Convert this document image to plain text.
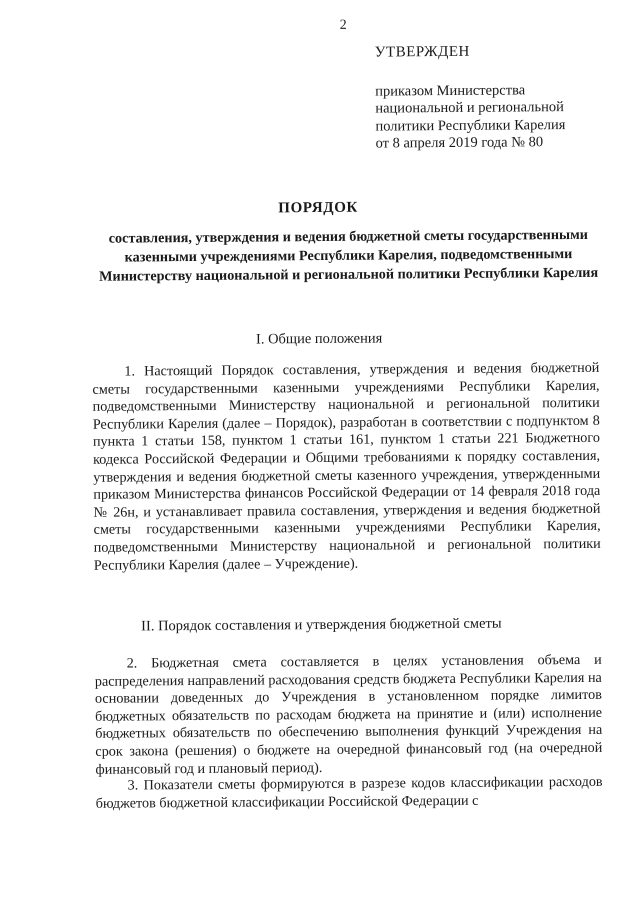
2
УТВЕРЖДЕН
приказом Министерства
национальной и региональной
политики Республики Карелия
от 8 апреля 2019 года № 80
ПОРЯДОК
составления, утверждения и ведения бюджетной сметы государственными казенными учреждениями Республики Карелия, подведомственными Министерству национальной и региональной политики Республики Карелия
I. Общие положения

1. Настоящий Порядок составления, утверждения и ведения бюджетной сметы государственными казенными учреждениями Республики Карелия, подведомственными Министерству национальной и региональной политики Республики Карелия (далее – Порядок), разработан в соответствии с подпунктом 8 пункта 1 статьи 158, пунктом 1 статьи 161, пунктом 1 статьи 221 Бюджетного кодекса Российской Федерации и Общими требованиями к порядку составления, утверждения и ведения бюджетной сметы казенного учреждения, утвержденными приказом Министерства финансов Российской Федерации от 14 февраля 2018 года № 26н, и устанавливает правила составления, утверждения и ведения бюджетной сметы государственными казенными учреждениями Республики Карелия, подведомственными Министерству национальной и региональной политики Республики Карелия (далее – Учреждение).

II. Порядок составления и утверждения бюджетной сметы

2. Бюджетная смета составляется в целях установления объема и распределения направлений расходования средств бюджета Республики Карелия на основании доведенных до Учреждения в установленном порядке лимитов бюджетных обязательств по расходам бюджета на принятие и (или) исполнение бюджетных обязательств по обеспечению выполнения функций Учреждения на срок закона (решения) о бюджете на очередной финансовый год (на очередной финансовый год и плановый период).

3. Показатели сметы формируются в разрезе кодов классификации расходов бюджетов бюджетной классификации Российской Федерации с
